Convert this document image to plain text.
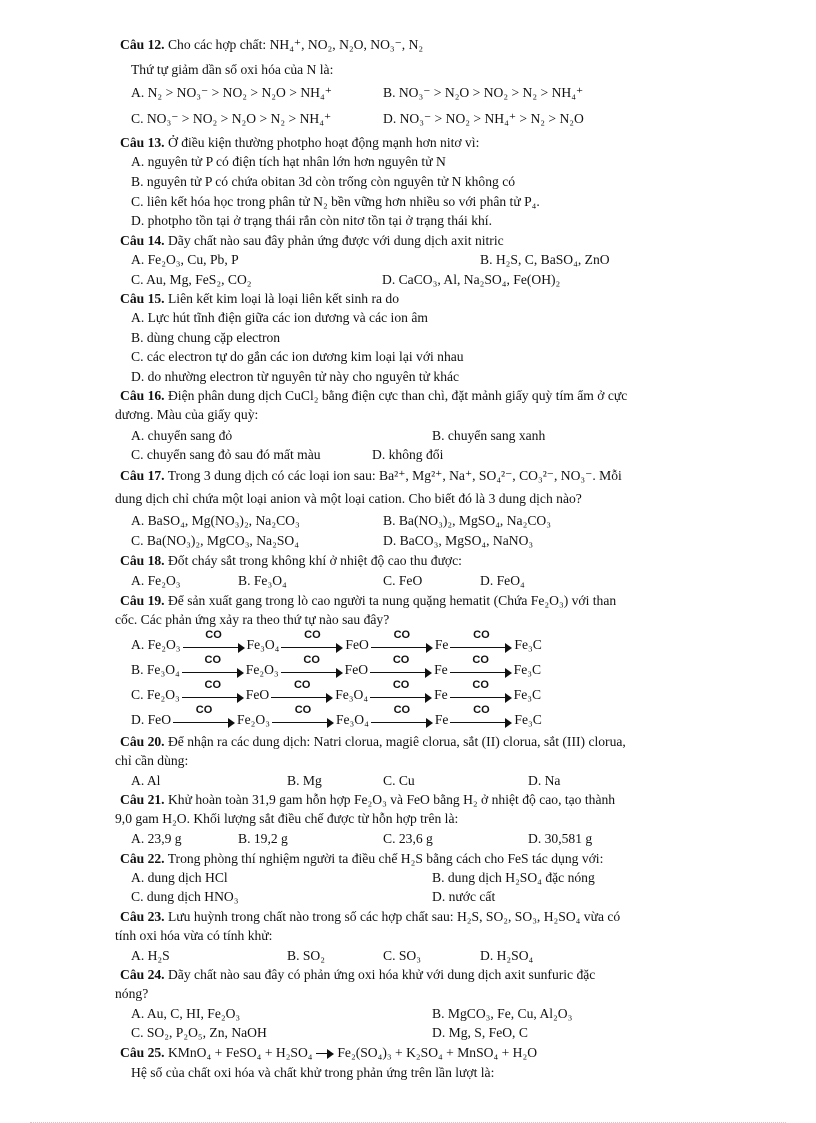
Câu 12. Cho các hợp chất: NH₄⁺, NO₂, N₂O, NO₃⁻, N₂
Thứ tự giảm dần số oxi hóa của N là:
A. N₂ > NO₃⁻ > NO₂ > N₂O > NH₄⁺	B. NO₃⁻ > N₂O > NO₂ > N₂ > NH₄⁺
C. NO₃⁻ > NO₂ > N₂O > N₂ > NH₄⁺	D. NO₃⁻ > NO₂ > NH₄⁺ > N₂ > N₂O
Câu 13. Ở điều kiện thường photpho hoạt động mạnh hơn nitơ vì:
A. nguyên tử P có điện tích hạt nhân lớn hơn nguyên tử N
B. nguyên tử P có chứa obitan 3d còn trống còn nguyên tử N không có
C. liên kết hóa học trong phân tử N₂ bền vững hơn nhiều so với phân tử P₄.
D. photpho tồn tại ở trạng thái rắn còn nitơ tồn tại ở trạng thái khí.
Câu 14. Dãy chất nào sau đây phản ứng được với dung dịch axit nitric
A. Fe₂O₃, Cu, Pb, P	B. H₂S, C, BaSO₄, ZnO
C. Au, Mg, FeS₂, CO₂	D. CaCO₃, Al, Na₂SO₄, Fe(OH)₂
Câu 15. Liên kết kim loại là loại liên kết sinh ra do
A. Lực hút tĩnh điện giữa các ion dương và các ion âm
B. dùng chung cặp electron
C. các electron tự do gắn các ion dương kim loại lại với nhau
D. do nhường electron từ nguyên tử này cho nguyên tử khác
Câu 16. Điện phân dung dịch CuCl₂ bằng điện cực than chì, đặt mảnh giấy quỳ tím ẩm ở cực
dương. Màu của giấy quỳ:
A. chuyển sang đỏ	B. chuyển sang xanh
C. chuyển sang đỏ sau đó mất màu	D. không đổi
Câu 17. Trong 3 dung dịch có các loại ion sau: Ba²⁺, Mg²⁺, Na⁺, SO₄²⁻, CO₃²⁻, NO₃⁻. Mỗi
dung dịch chỉ chứa một loại anion và một loại cation. Cho biết đó là 3 dung dịch nào?
A. BaSO₄, Mg(NO₃)₂, Na₂CO₃	B. Ba(NO₃)₂, MgSO₄, Na₂CO₃
C. Ba(NO₃)₂, MgCO₃, Na₂SO₄	D. BaCO₃, MgSO₄, NaNO₃
Câu 18. Đốt cháy sắt trong không khí ở nhiệt độ cao thu được:
A. Fe₂O₃	B. Fe₃O₄	C. FeO	D. FeO₄
Câu 19. Để sản xuất gang trong lò cao người ta nung quặng hematit (Chứa Fe₂O₃) với than
cốc. Các phản ứng xảy ra theo thứ tự nào sau đây?
A. Fe₂O₃
CO
Fe₃O₄
CO
FeO
CO
Fe
CO
Fe₃C
B. Fe₃O₄
CO
Fe₂O₃
CO
FeO
CO
Fe
CO
Fe₃C
C. Fe₂O₃
CO
FeO
CO
Fe₃O₄
CO
Fe
CO
Fe₃C
D. FeO
CO
Fe₂O₃
CO
Fe₃O₄
CO
Fe
CO
Fe₃C
Câu 20. Để nhận ra các dung dịch: Natri clorua, magiê clorua, sắt (II) clorua, sắt (III) clorua,
chỉ cần dùng:
A. Al	B. Mg	C. Cu	D. Na
Câu 21. Khử hoàn toàn 31,9 gam hỗn hợp Fe₂O₃ và FeO bằng H₂ ở nhiệt độ cao, tạo thành
9,0 gam H₂O. Khối lượng sắt điều chế được từ hỗn hợp trên là:
A. 23,9 g	B. 19,2 g	C. 23,6 g	D. 30,581 g
Câu 22. Trong phòng thí nghiệm người ta điều chế H₂S bằng cách cho FeS tác dụng với:
A. dung dịch HCl	B. dung dịch H₂SO₄ đặc nóng
C. dung dịch HNO₃	D. nước cất
Câu 23. Lưu huỳnh trong chất nào trong số các hợp chất sau: H₂S, SO₂, SO₃, H₂SO₄ vừa có
tính oxi hóa vừa có tính khử:
A. H₂S	B. SO₂	C. SO₃	D. H₂SO₄
Câu 24. Dãy chất nào sau đây có phản ứng oxi hóa khử với dung dịch axit sunfuric đặc
nóng?
A. Au, C, HI, Fe₂O₃	B. MgCO₃, Fe, Cu, Al₂O₃
C. SO₂, P₂O₅, Zn, NaOH	D. Mg, S, FeO, C
Câu 25. KMnO₄ + FeSO₄ + H₂SO₄ Fe₂(SO₄)₃ + K₂SO₄ + MnSO₄ + H₂O
Hệ số của chất oxi hóa và chất khử trong phản ứng trên lần lượt là:
